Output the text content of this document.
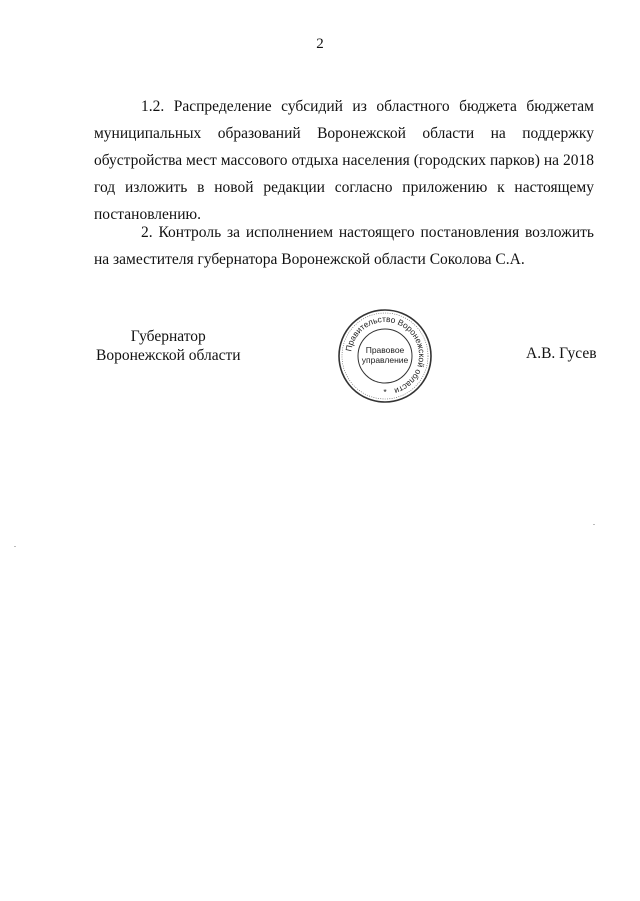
2

1.2. Распределение субсидий из областного бюджета бюджетам муниципальных образований Воронежской области на поддержку обустройства мест массового отдыха населения (городских парков) на 2018 год изложить в новой редакции согласно приложению к настоящему постановлению.

2. Контроль за исполнением настоящего постановления возложить на заместителя губернатора Воронежской области Соколова С.А.

Губернатор
Воронежской области	Правительство Воронежской области
Правовое
управление
*
А.В. Гусев
